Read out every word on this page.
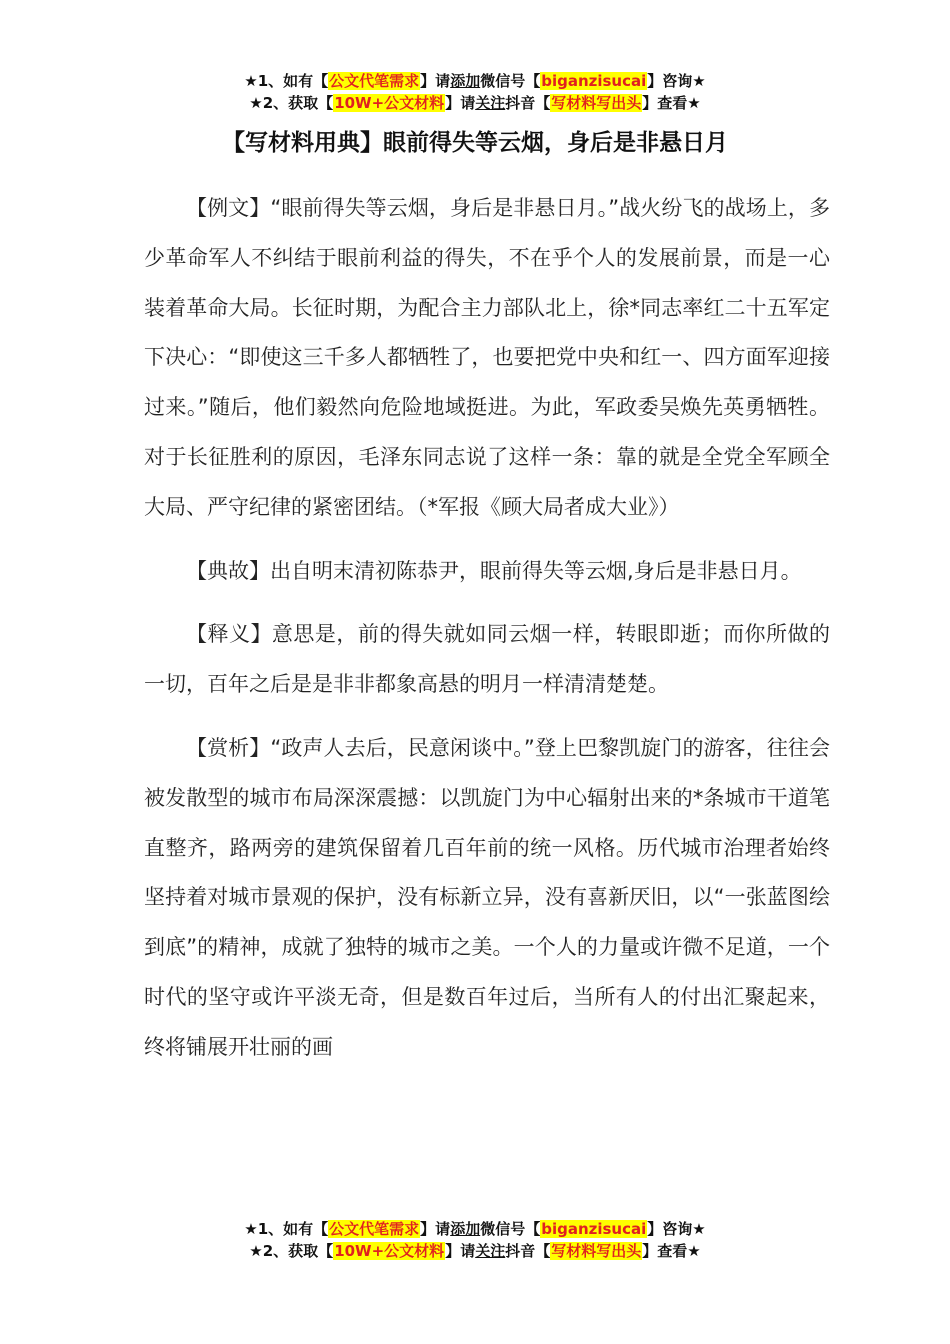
★1、如有【公文代笔需求】请添加微信号【biganzisucai】咨询★
★2、获取【10W+公文材料】请关注抖音【写材料写出头】查看★
【写材料用典】眼前得失等云烟，身后是非悬日月

【例文】“眼前得失等云烟，身后是非悬日月。”战火纷飞的战场上，多少革命军人不纠结于眼前利益的得失，不在乎个人的发展前景，而是一心装着革命大局。长征时期，为配合主力部队北上，徐*同志率红二十五军定下决心：“即使这三千多人都牺牲了，也要把党中央和红一、四方面军迎接过来。”随后，他们毅然向危险地域挺进。为此，军政委吴焕先英勇牺牲。对于长征胜利的原因，毛泽东同志说了这样一条：靠的就是全党全军顾全大局、严守纪律的紧密团结。（*军报《顾大局者成大业》）

【典故】出自明末清初陈恭尹，眼前得失等云烟,身后是非悬日月。

【释义】意思是，前的得失就如同云烟一样，转眼即逝；而你所做的一切，百年之后是是非非都象高悬的明月一样清清楚楚。

【赏析】“政声人去后，民意闲谈中。”登上巴黎凯旋门的游客，往往会被发散型的城市布局深深震撼：以凯旋门为中心辐射出来的*条城市干道笔直整齐，路两旁的建筑保留着几百年前的统一风格。历代城市治理者始终坚持着对城市景观的保护，没有标新立异，没有喜新厌旧，以“一张蓝图绘到底”的精神，成就了独特的城市之美。一个人的力量或许微不足道，一个时代的坚守或许平淡无奇，但是数百年过后，当所有人的付出汇聚起来，终将铺展开壮丽的画

★1、如有【公文代笔需求】请添加微信号【biganzisucai】咨询★
★2、获取【10W+公文材料】请关注抖音【写材料写出头】查看★
